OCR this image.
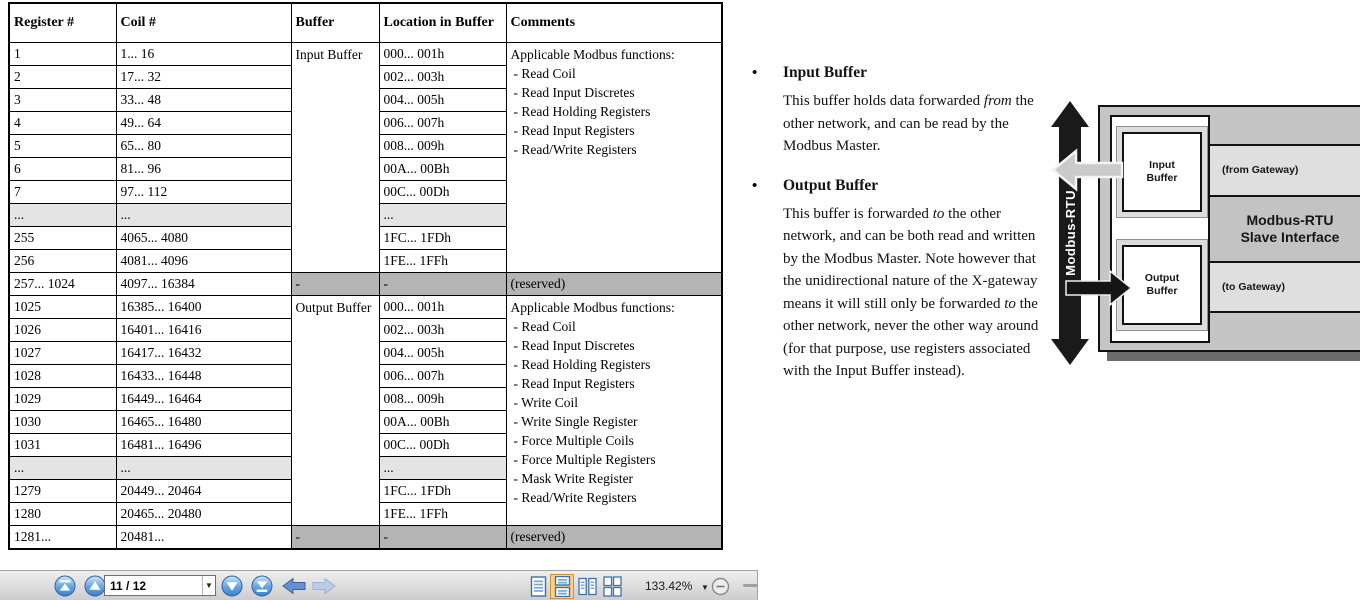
Register #	Coil #	Buffer	Location in Buffer	Comments
1	1... 16	Input Buffer	000... 001h	Applicable Modbus functions:
- Read Coil
- Read Input Discretes
- Read Holding Registers
- Read Input Registers
- Read/Write Registers

2	17... 32		002... 003h	
3	33... 48		004... 005h	
4	49... 64		006... 007h	
5	65... 80		008... 009h	
6	81... 96		00A... 00Bh	
7	97... 112		00C... 00Dh	
...	...		...	
255	4065... 4080		1FC... 1FDh	
256	4081... 4096		1FE... 1FFh	
257... 1024	4097... 16384	-	-	(reserved)
1025	16385... 16400	Output Buffer	000... 001h	Applicable Modbus functions:
- Read Coil
- Read Input Discretes
- Read Holding Registers
- Read Input Registers
- Write Coil
- Write Single Register
- Force Multiple Coils
- Force Multiple Registers
- Mask Write Register
- Read/Write Registers

1026	16401... 16416		002... 003h	
1027	16417... 16432		004... 005h	
1028	16433... 16448		006... 007h	
1029	16449... 16464		008... 009h	
1030	16465... 16480		00A... 00Bh	
1031	16481... 16496		00C... 00Dh	
...	...		...	
1279	20449... 20464		1FC... 1FDh	
1280	20465... 20480		1FE... 1FFh	
1281...	20481...	-	-	(reserved)
•	Input Buffer
This buffer holds data forwarded from the other network, and can be read by the Modbus Master.
•	Output Buffer
This buffer is forwarded to the other network, and can be both read and written by the Modbus Master. Note however that the unidirectional nature of the X-gateway means it will still only be forwarded to the other network, never the other way around (for that purpose, use registers associated with the Input Buffer instead).
(from Gateway)
Modbus-RTU Slave Interface
(to Gateway)
Input Buffer
Output Buffer
Modbus-RTU
11 / 12
▼	133.42% ▼
